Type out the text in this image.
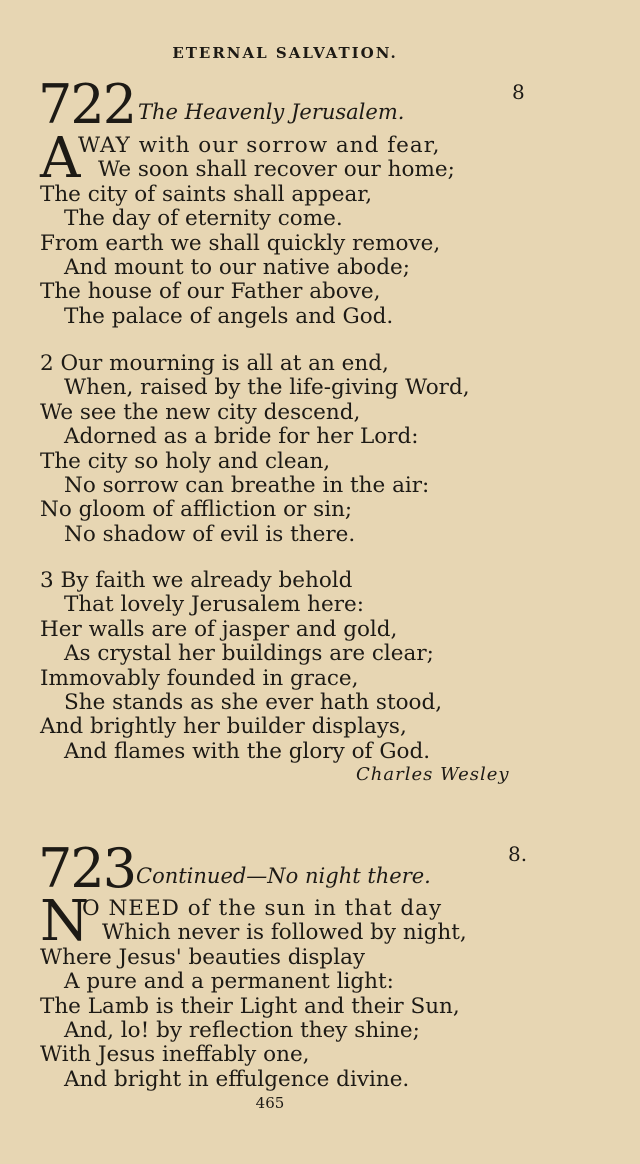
ETERNAL SALVATION.
722 The Heavenly Jerusalem.
8
A
WAY with our sorrow and fear,
We soon shall recover our home;
The city of saints shall appear,
The day of eternity come.
From earth we shall quickly remove,
And mount to our native abode;
The house of our Father above,
The palace of angels and God.
2 Our mourning is all at an end,
When, raised by the life-giving Word,
We see the new city descend,
Adorned as a bride for her Lord:
The city so holy and clean,
No sorrow can breathe in the air:
No gloom of affliction or sin;
No shadow of evil is there.
3 By faith we already behold
That lovely Jerusalem here:
Her walls are of jasper and gold,
As crystal her buildings are clear;
Immovably founded in grace,
She stands as she ever hath stood,
And brightly her builder displays,
And flames with the glory of God.
Charles Wesley
723 Continued—No night there.
8.
N
O NEED of the sun in that day
Which never is followed by night,
Where Jesus' beauties display
A pure and a permanent light:
The Lamb is their Light and their Sun,
And, lo! by reflection they shine;
With Jesus ineffably one,
And bright in effulgence divine.
465
